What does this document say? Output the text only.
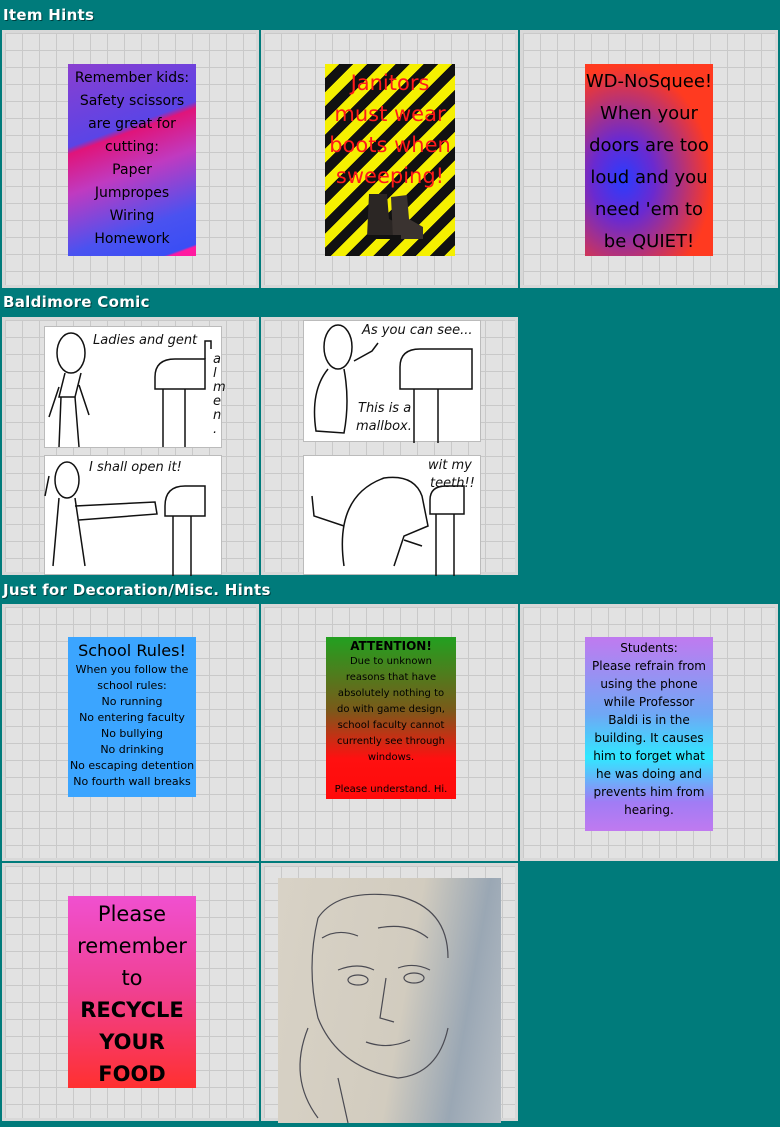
Item Hints
Baldimore Comic
Just for Decoration/Misc. Hints
Remember kids:
Safety scissors
are great for
cutting:
Paper
Jumpropes
Wiring
Homework
Janitors must wear boots when sweeping!
WD-NoSquee!
When your
doors are too
loud and you
need 'em to
be QUIET!
Ladies and gent
a
l
m
e
n
.
I shall open it!
As you can see...
This is a
mallbox.
wit my
teeth!!
School Rules!
When you follow the
school rules:
No running
No entering faculty
No bullying
No drinking
No escaping detention
No fourth wall breaks
ATTENTION!
Due to unknown
reasons that have
absolutely nothing to
do with game design,
school faculty cannot
currently see through
windows.
Please understand. Hi.
Students:
Please refrain from
using the phone
while Professor
Baldi is in the
building. It causes
him to forget what
he was doing and
prevents him from
hearing.
Please
remember
to
RECYCLE
YOUR
FOOD
